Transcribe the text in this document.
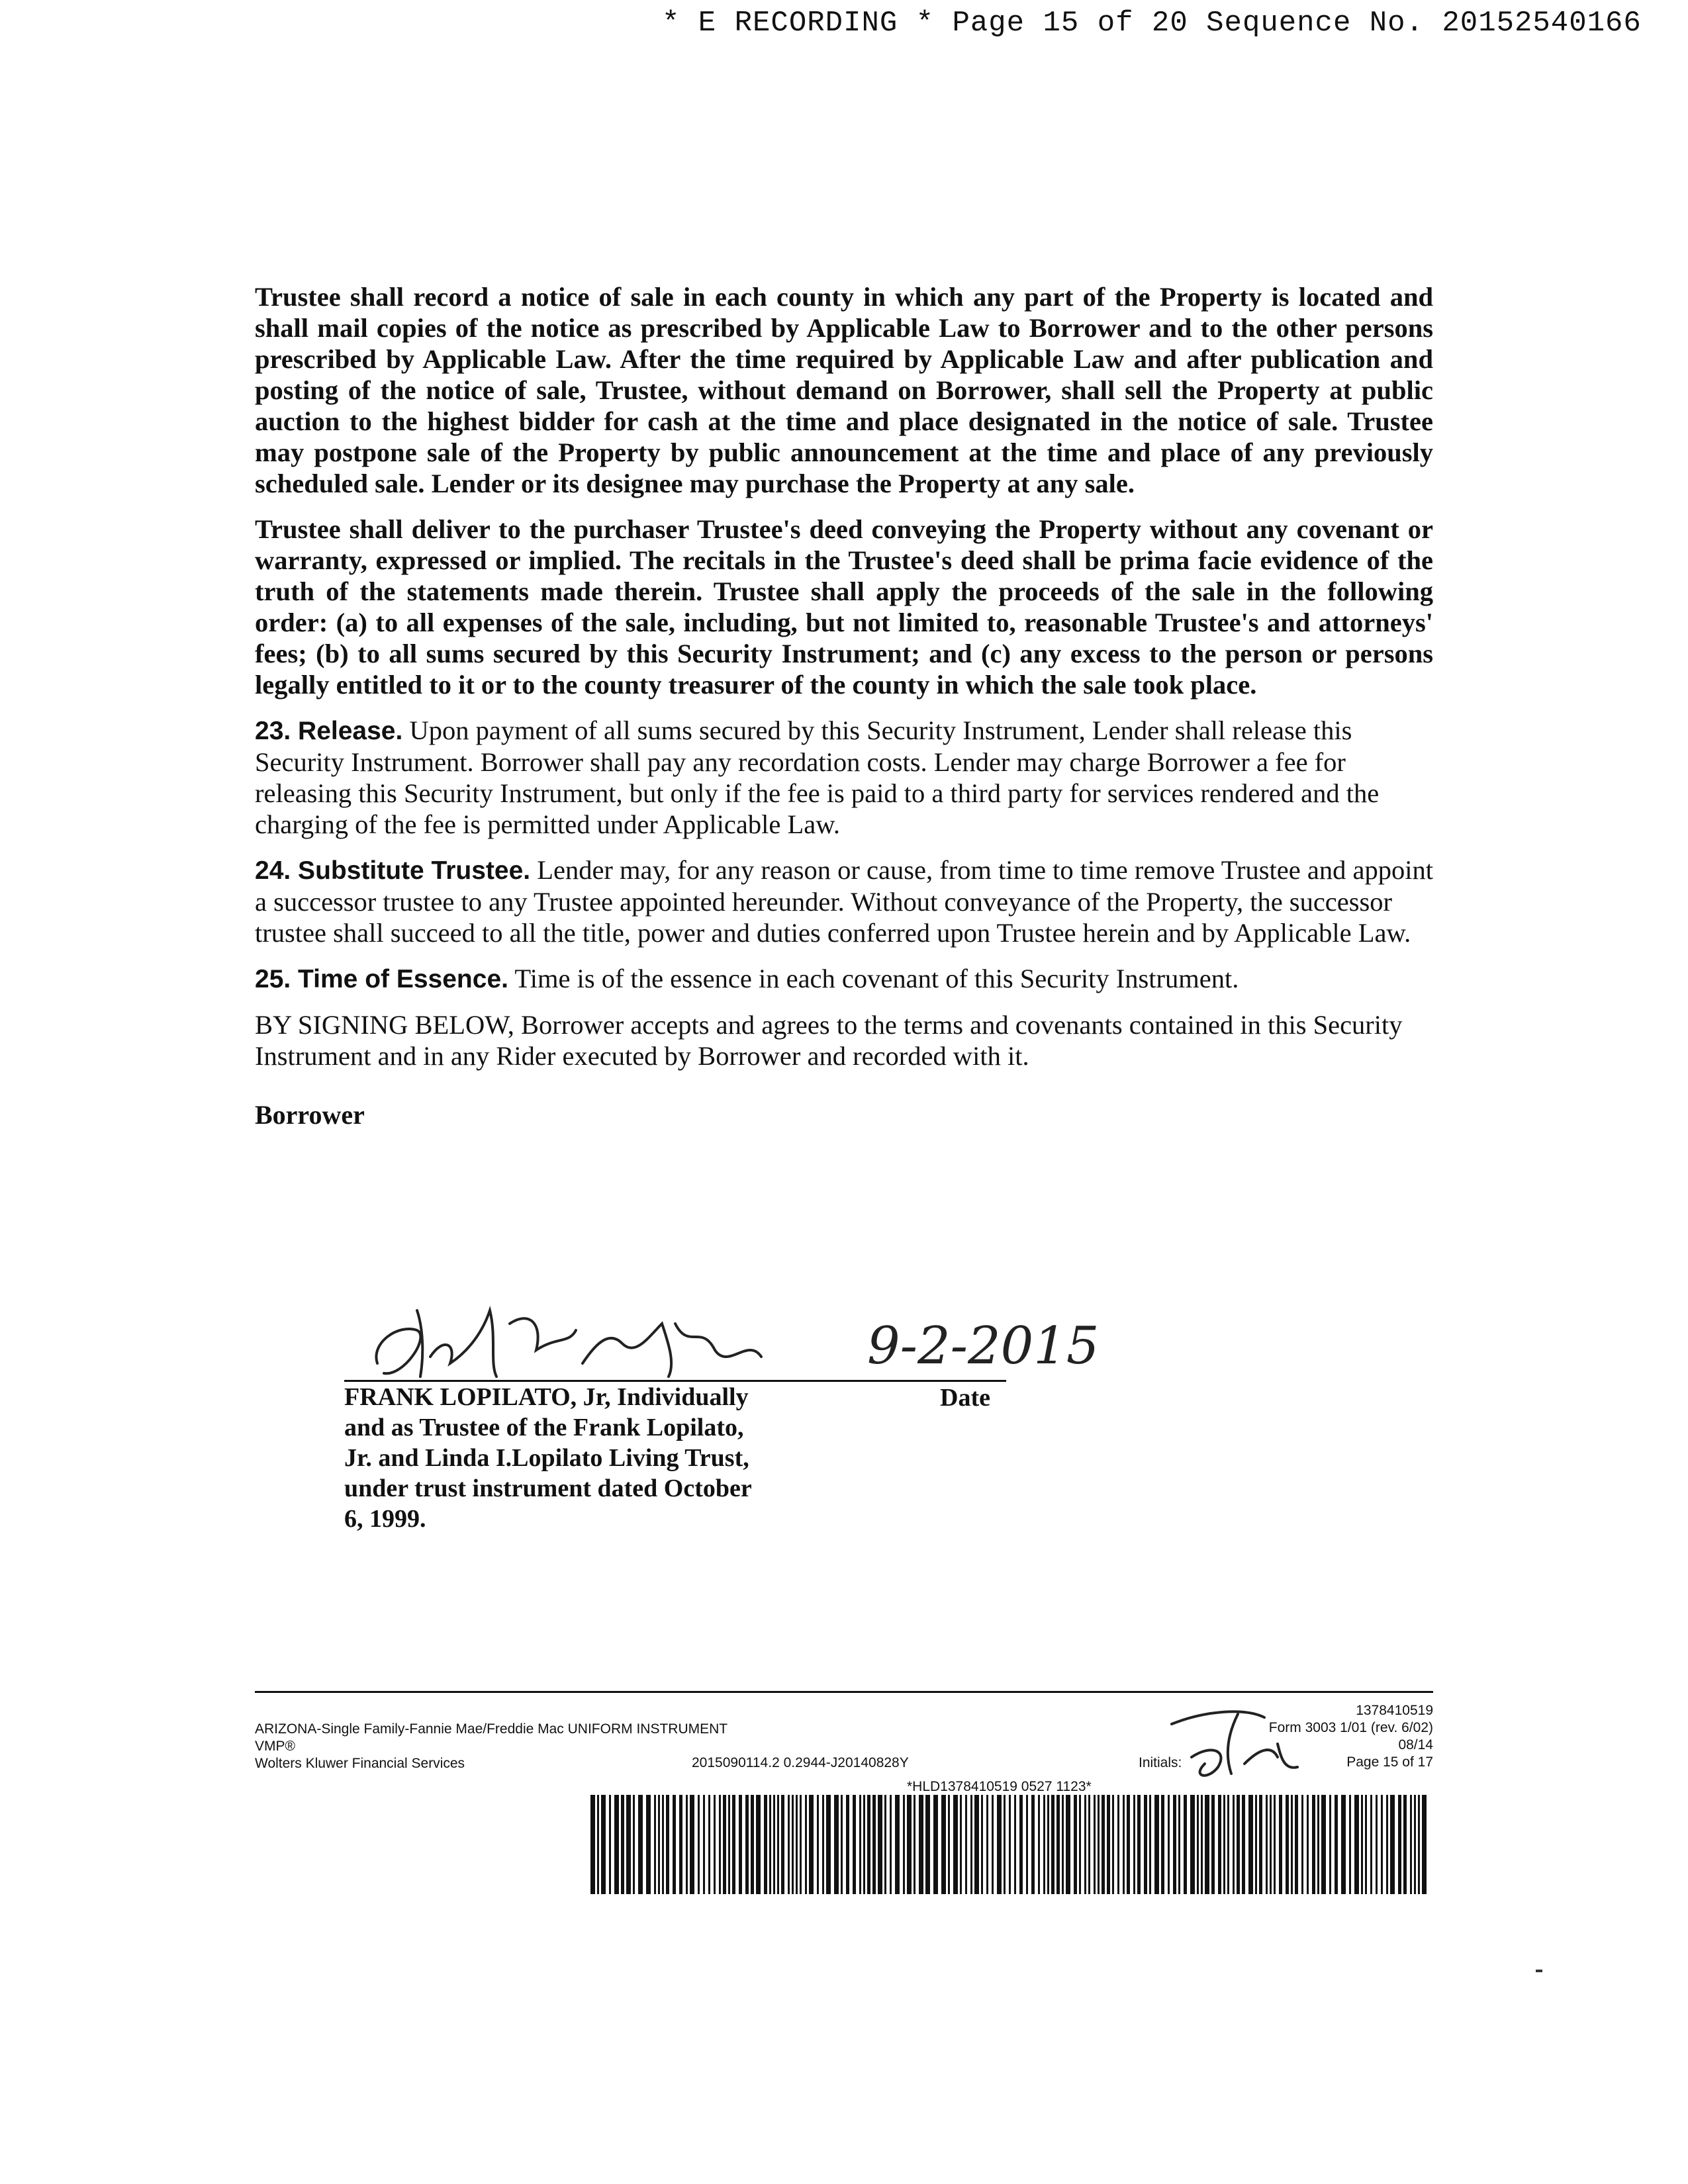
* E RECORDING * Page 15 of 20 Sequence No. 20152540166

Trustee shall record a notice of sale in each county in which any part of the Property is located and shall mail copies of the notice as prescribed by Applicable Law to Borrower and to the other persons prescribed by Applicable Law. After the time required by Applicable Law and after publication and posting of the notice of sale, Trustee, without demand on Borrower, shall sell the Property at public auction to the highest bidder for cash at the time and place designated in the notice of sale. Trustee may postpone sale of the Property by public announcement at the time and place of any previously scheduled sale. Lender or its designee may purchase the Property at any sale.

Trustee shall deliver to the purchaser Trustee's deed conveying the Property without any covenant or warranty, expressed or implied. The recitals in the Trustee's deed shall be prima facie evidence of the truth of the statements made therein. Trustee shall apply the proceeds of the sale in the following order: (a) to all expenses of the sale, including, but not limited to, reasonable Trustee's and attorneys' fees; (b) to all sums secured by this Security Instrument; and (c) any excess to the person or persons legally entitled to it or to the county treasurer of the county in which the sale took place.

23. Release. Upon payment of all sums secured by this Security Instrument, Lender shall release this Security Instrument. Borrower shall pay any recordation costs. Lender may charge Borrower a fee for releasing this Security Instrument, but only if the fee is paid to a third party for services rendered and the charging of the fee is permitted under Applicable Law.

24. Substitute Trustee. Lender may, for any reason or cause, from time to time remove Trustee and appoint a successor trustee to any Trustee appointed hereunder. Without conveyance of the Property, the successor trustee shall succeed to all the title, power and duties conferred upon Trustee herein and by Applicable Law.

25. Time of Essence. Time is of the essence in each covenant of this Security Instrument.

BY SIGNING BELOW, Borrower accepts and agrees to the terms and covenants contained in this Security Instrument and in any Rider executed by Borrower and recorded with it.

Borrower
9-2-2015
FRANK LOPILATO, Jr, Individually
and as Trustee of the Frank Lopilato,
Jr. and Linda I.Lopilato Living Trust,
under trust instrument dated October
6, 1999.
Date
ARIZONA-Single Family-Fannie Mae/Freddie Mac UNIFORM INSTRUMENT
VMP®
Wolters Kluwer Financial Services	2015090114.2 0.2944-J20140828Y
1378410519
Form 3003 1/01 (rev. 6/02)
08/14
Page 15 of 17
Initials:
*HLD1378410519 0527 1123*
